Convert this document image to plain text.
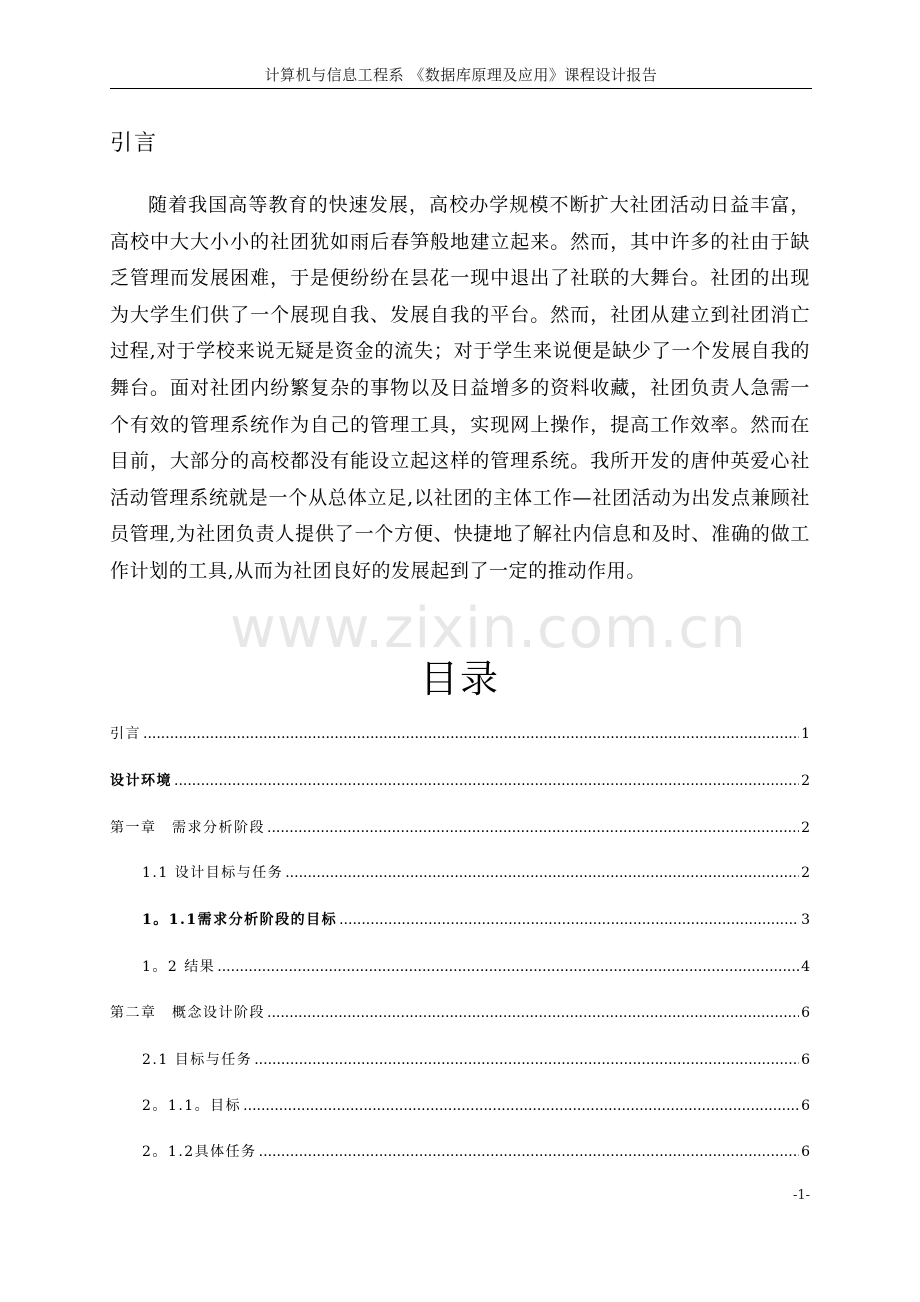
计算机与信息工程系 《数据库原理及应用》课程设计报告
引言

随着我国高等教育的快速发展，高校办学规模不断扩大社团活动日益丰富，高校中大大小小的社团犹如雨后春笋般地建立起来。然而，其中许多的社由于缺乏管理而发展困难，于是便纷纷在昙花一现中退出了社联的大舞台。社团的出现为大学生们供了一个展现自我、发展自我的平台。然而，社团从建立到社团消亡过程,对于学校来说无疑是资金的流失；对于学生来说便是缺少了一个发展自我的舞台。面对社团内纷繁复杂的事物以及日益增多的资料收藏，社团负责人急需一个有效的管理系统作为自己的管理工具，实现网上操作，提高工作效率。然而在目前，大部分的高校都没有能设立起这样的管理系统。我所开发的唐仲英爱心社活动管理系统就是一个从总体立足,以社团的主体工作—社团活动为出发点兼顾社员管理,为社团负责人提供了一个方便、快捷地了解社内信息和及时、准确的做工作计划的工具,从而为社团良好的发展起到了一定的推动作用。

www.zixin.com.cn
目录
引言 .....	1
设计环境 .....	2
第一章　需求分析阶段 .....	2
1.1 设计目标与任务 .....	2
1。1.1需求分析阶段的目标 .....	3
1。2 结果 .....	4
第二章　概念设计阶段 .....	6
2.1 目标与任务 .....	6
2。1.1。目标 .....	6
2。1.2具体任务 .....	6
-1-
